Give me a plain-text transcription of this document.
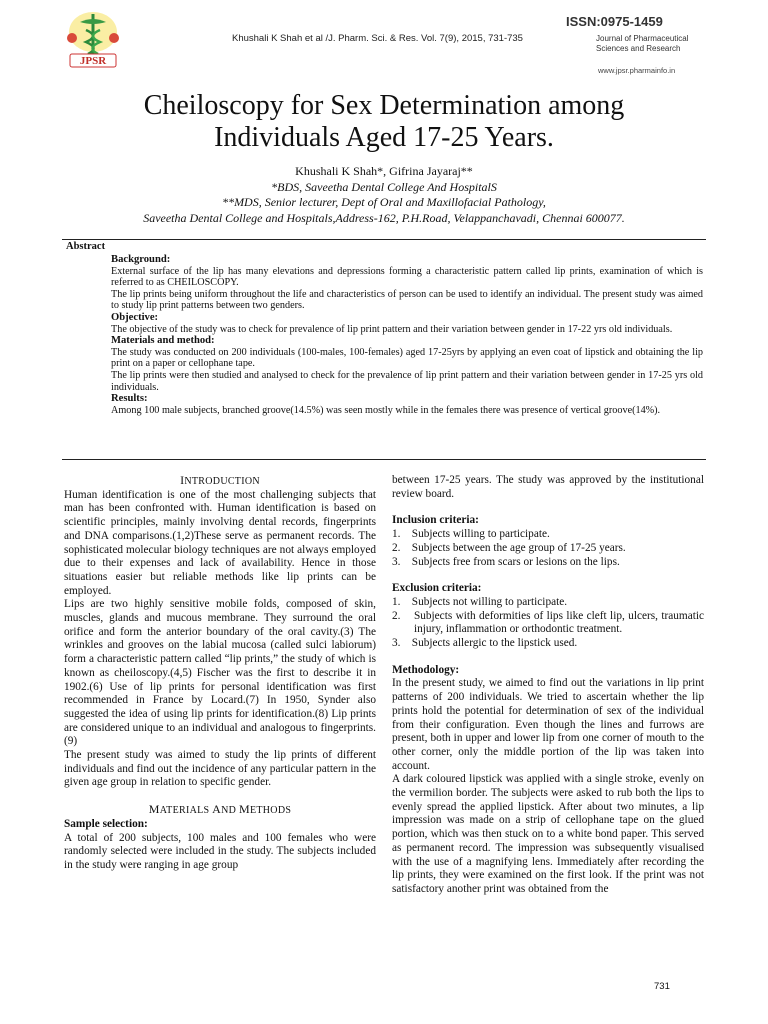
JPSR
Khushali K Shah et al /J. Pharm. Sci. & Res. Vol. 7(9), 2015, 731-735
ISSN:0975-1459
Journal of Pharmaceutical
Sciences and Research
www.jpsr.pharmainfo.in
Cheiloscopy for Sex Determination among
Individuals Aged 17-25 Years.
Khushali K Shah*, Gifrina Jayaraj**
*BDS, Saveetha Dental College And HospitalS
**MDS, Senior lecturer, Dept of Oral and Maxillofacial Pathology,
Saveetha Dental College and Hospitals,Address-162, P.H.Road, Velappanchavadi, Chennai 600077.
Abstract

Background:

External surface of the lip has many elevations and depressions forming a characteristic pattern called lip prints, examination of which is referred to as CHEILOSCOPY.

The lip prints being uniform throughout the life and characteristics of person can be used to identify an individual. The present study was aimed to study lip print patterns between two genders.

Objective:

The objective of the study was to check for prevalence of lip print pattern and their variation between gender in 17-22 yrs old individuals.

Materials and method:

The study was conducted on 200 individuals (100-males, 100-females) aged 17-25yrs by applying an even coat of lipstick and obtaining the lip print on a paper or cellophane tape.

The lip prints were then studied and analysed to check for the prevalence of lip print pattern and their variation between gender in 17-25 yrs old individuals.

Results:

Among 100 male subjects, branched groove(14.5%) was seen mostly while in the females there was presence of vertical groove(14%).

INTRODUCTION

Human identification is one of the most challenging subjects that man has been confronted with. Human identification is based on scientific principles, mainly involving dental records, fingerprints and DNA comparisons.(1,2)These serve as permanent records. The sophisticated molecular biology techniques are not always employed due to their expenses and lack of availability. Hence in those situations easier but reliable methods like lip prints can be employed.

Lips are two highly sensitive mobile folds, composed of skin, muscles, glands and mucous membrane. They surround the oral orifice and form the anterior boundary of the oral cavity.(3) The wrinkles and grooves on the labial mucosa (called sulci labiorum) form a characteristic pattern called “lip prints,” the study of which is known as cheiloscopy.(4,5) Fischer was the first to describe it in 1902.(6) Use of lip prints for personal identification was first recommended in France by Locard.(7) In 1950, Synder also suggested the idea of using lip prints for identification.(8) Lip prints are considered unique to an individual and analogous to fingerprints.(9)

The present study was aimed to study the lip prints of different individuals and find out the incidence of any particular pattern in the given age group in relation to specific gender.

MATERIALS AND METHODS

Sample selection:

A total of 200 subjects, 100 males and 100 females who were randomly selected were included in the study. The subjects included in the study were ranging in age group

between 17-25 years. The study was approved by the institutional review board.

Inclusion criteria:

1. Subjects willing to participate.
2. Subjects between the age group of 17-25 years.
3. Subjects free from scars or lesions on the lips.

Exclusion criteria:

1. Subjects not willing to participate.
2. Subjects with deformities of lips like cleft lip, ulcers, traumatic injury, inflammation or orthodontic treatment.
3. Subjects allergic to the lipstick used.

Methodology:

In the present study, we aimed to find out the variations in lip print patterns of 200 individuals. We tried to ascertain whether the lip prints hold the potential for determination of sex of the individual from their configuration. Even though the lines and furrows are present, both in upper and lower lip from one corner of mouth to the other corner, only the middle portion of the lip was taken into account.

A dark coloured lipstick was applied with a single stroke, evenly on the vermilion border. The subjects were asked to rub both the lips to evenly spread the applied lipstick. After about two minutes, a lip impression was made on a strip of cellophane tape on the glued portion, which was then stuck on to a white bond paper. This served as permanent record. The impression was subsequently visualised with the use of a magnifying lens. Immediately after recording the lip prints, they were examined on the first look. If the print was not satisfactory another print was obtained from the

731
